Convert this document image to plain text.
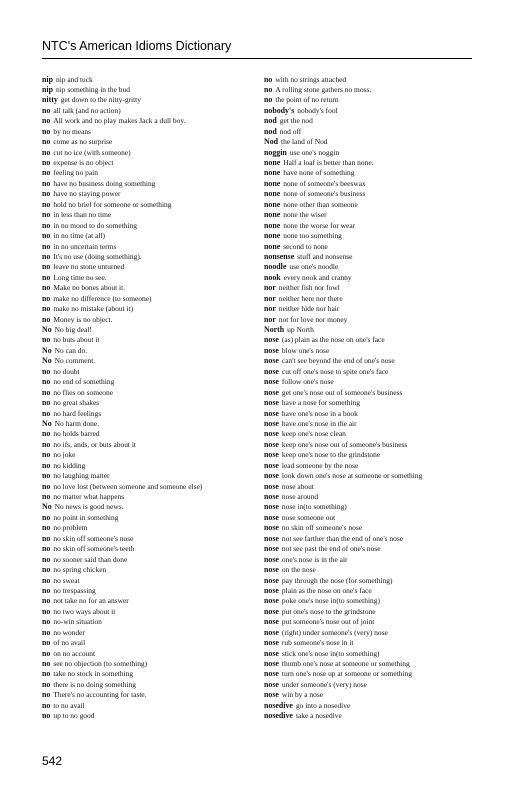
NTC's American Idioms Dictionary
nip nip and tuck
nip nip something in the bud
nitty get down to the nitty-gritty
no all talk (and no action)
no All work and no play makes Jack a dull boy.
no by no means
no come as no surprise
no cut no ice (with someone)
no expense is no object
no feeling no pain
no have no business doing something
no have no staying power
no hold no brief for someone or something
no in less than no time
no in no mood to do something
no in no time (at all)
no in no uncertain terms
no It's no use (doing something).
no leave no stone unturned
no Long time no see.
no Make no bones about it.
no make no difference (to someone)
no make no mistake (about it)
no Money is no object.
No No big deal!
no no buts about it
No No can do.
No No comment.
no no doubt
no no end of something
no no flies on someone
no no great shakes
no no hard feelings
No No harm done.
no no holds barred
no no ifs, ands, or buts about it
no no joke
no no kidding
no no laughing matter
no no love lost (between someone and someone else)
no no matter what happens
No No news is good news.
no no point in something
no no problem
no no skin off someone's nose
no no skin off someone's teeth
no no sooner said than done
no no spring chicken
no no sweat
no no trespassing
no not take no for an answer
no no two ways about it
no no-win situation
no no wonder
no of no avail
no on no account
no see no objection (to something)
no take no stock in something
no there is no doing something
no There's no accounting for taste.
no to no avail
no up to no good
no with no strings attached
no A rolling stone gathers no moss.
no the point of no return
nobody's nobody's fool
nod get the nod
nod nod off
Nod the land of Nod
noggin use one's noggin
none Half a loaf is better than none.
none have none of something
none none of someone's beeswax
none none of someone's business
none none other than someone
none none the wiser
none none the worse for wear
none none too something
none second to none
nonsense stuff and nonsense
noodle use one's noodle
nook every nook and cranny
nor neither fish nor fowl
nor neither here nor there
nor neither hide nor hair
nor not for love nor money
North up North
nose (as) plain as the nose on one's face
nose blow one's nose
nose can't see beyond the end of one's nose
nose cut off one's nose to spite one's face
nose follow one's nose
nose get one's nose out of someone's business
nose have a nose for something
nose have one's nose in a book
nose have one's nose in the air
nose keep one's nose clean
nose keep one's nose out of someone's business
nose keep one's nose to the grindstone
nose lead someone by the nose
nose look down one's nose at someone or something
nose nose about
nose nose around
nose nose in(to something)
nose nose someone out
nose no skin off someone's nose
nose not see farther than the end of one's nose
nose not see past the end of one's nose
nose one's nose is in the air
nose on the nose
nose pay through the nose (for something)
nose plain as the nose on one's face
nose poke one's nose in(to something)
nose put one's nose to the grindstone
nose put someone's nose out of joint
nose (right) under someone's (very) nose
nose rub someone's nose in it
nose stick one's nose in(to something)
nose thumb one's nose at someone or something
nose turn one's nose up at someone or something
nose under someone's (very) nose
nose win by a nose
nosedive go into a nosedive
nosedive take a nosedive
542
